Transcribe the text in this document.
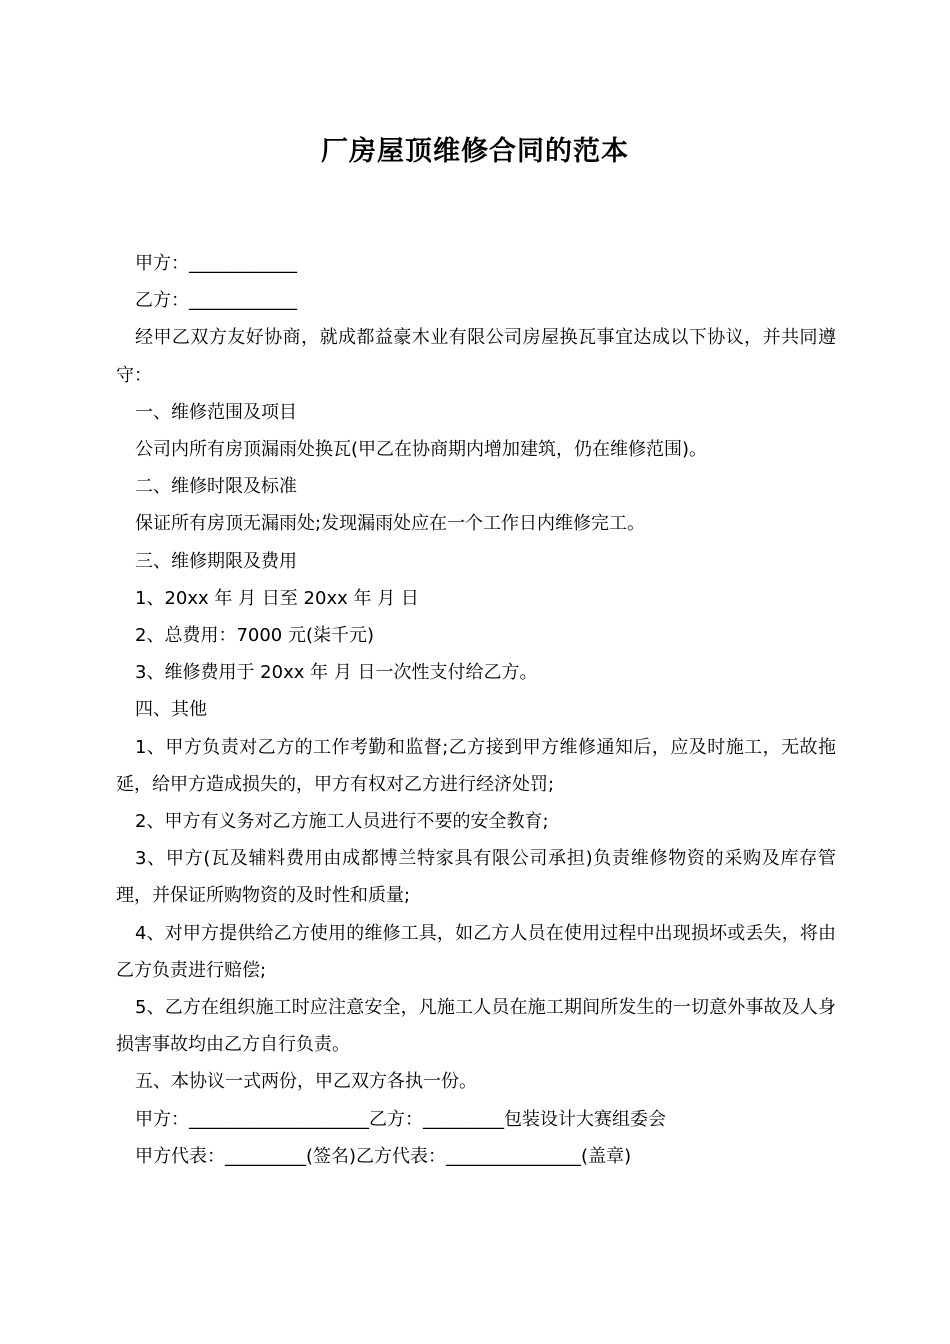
厂房屋顶维修合同的范本

甲方：____________

乙方：____________

经甲乙双方友好协商，就成都益豪木业有限公司房屋换瓦事宜达成以下协议，并共同遵守：

一、维修范围及项目

公司内所有房顶漏雨处换瓦(甲乙在协商期内增加建筑，仍在维修范围)。

二、维修时限及标准

保证所有房顶无漏雨处;发现漏雨处应在一个工作日内维修完工。

三、维修期限及费用

1、20xx 年 月 日至 20xx 年 月 日

2、总费用：7000 元(柒千元)

3、维修费用于 20xx 年 月 日一次性支付给乙方。

四、其他

1、甲方负责对乙方的工作考勤和监督;乙方接到甲方维修通知后，应及时施工，无故拖延，给甲方造成损失的，甲方有权对乙方进行经济处罚;

2、甲方有义务对乙方施工人员进行不要的安全教育;

3、甲方(瓦及辅料费用由成都博兰特家具有限公司承担)负责维修物资的采购及库存管理，并保证所购物资的及时性和质量;

4、对甲方提供给乙方使用的维修工具，如乙方人员在使用过程中出现损坏或丢失，将由乙方负责进行赔偿;

5、乙方在组织施工时应注意安全，凡施工人员在施工期间所发生的一切意外事故及人身损害事故均由乙方自行负责。

五、本协议一式两份，甲乙双方各执一份。

甲方：____________________乙方：_________包装设计大赛组委会

甲方代表：_________(签名)乙方代表：_______________(盖章)
